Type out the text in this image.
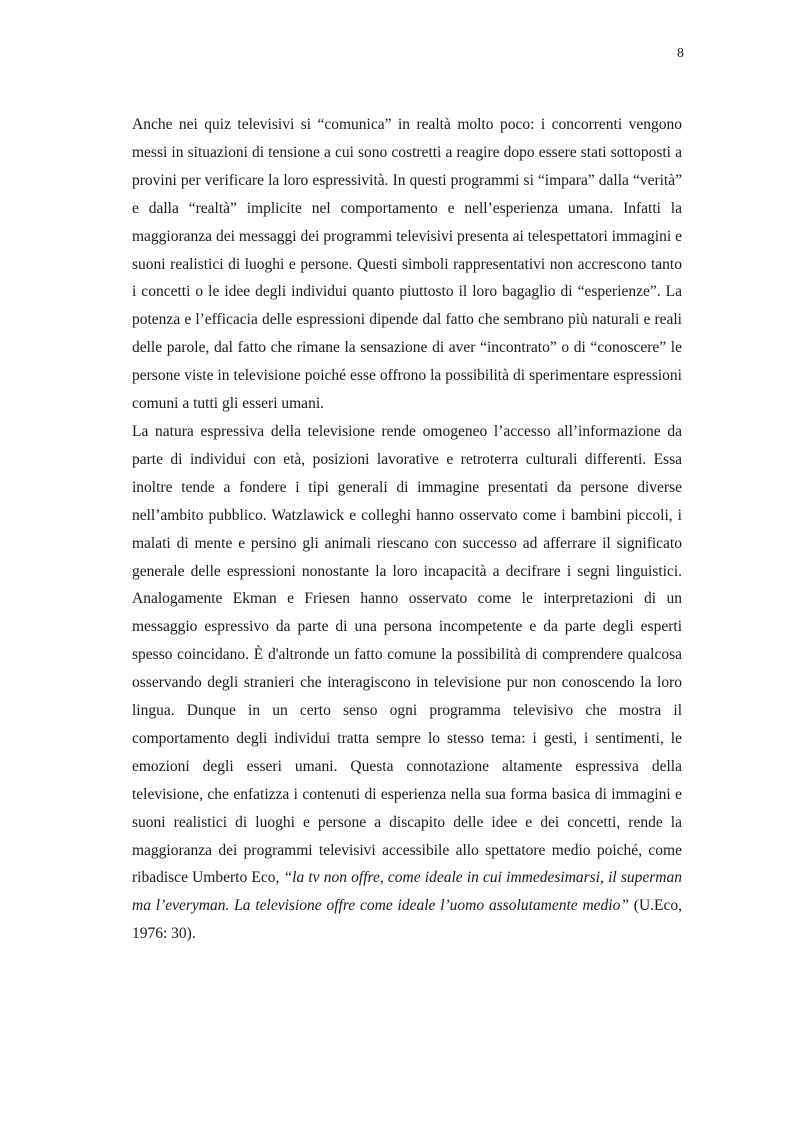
8

Anche nei quiz televisivi si “comunica” in realtà molto poco: i concorrenti vengono messi in situazioni di tensione a cui sono costretti a reagire dopo essere stati sottoposti a provini per verificare la loro espressività. In questi programmi si “impara” dalla “verità” e dalla “realtà” implicite nel comportamento e nell’esperienza umana. Infatti la maggioranza dei messaggi dei programmi televisivi presenta ai telespettatori immagini e suoni realistici di luoghi e persone. Questi simboli rappresentativi non accrescono tanto i concetti o le idee degli individui quanto piuttosto il loro bagaglio di “esperienze”. La potenza e l’efficacia delle espressioni dipende dal fatto che sembrano più naturali e reali delle parole, dal fatto che rimane la sensazione di aver “incontrato” o di “conoscere” le persone viste in televisione poiché esse offrono la possibilità di sperimentare espressioni comuni a tutti gli esseri umani.

La natura espressiva della televisione rende omogeneo l’accesso all’informazione da parte di individui con età, posizioni lavorative e retroterra culturali differenti. Essa inoltre tende a fondere i tipi generali di immagine presentati da persone diverse nell’ambito pubblico. Watzlawick e colleghi hanno osservato come i bambini piccoli, i malati di mente e persino gli animali riescano con successo ad afferrare il significato generale delle espressioni nonostante la loro incapacità a decifrare i segni linguistici. Analogamente Ekman e Friesen hanno osservato come le interpretazioni di un messaggio espressivo da parte di una persona incompetente e da parte degli esperti spesso coincidano. È d'altronde un fatto comune la possibilità di comprendere qualcosa osservando degli stranieri che interagiscono in televisione pur non conoscendo la loro lingua. Dunque in un certo senso ogni programma televisivo che mostra il comportamento degli individui tratta sempre lo stesso tema: i gesti, i sentimenti, le emozioni degli esseri umani. Questa connotazione altamente espressiva della televisione, che enfatizza i contenuti di esperienza nella sua forma basica di immagini e suoni realistici di luoghi e persone a discapito delle idee e dei concetti, rende la maggioranza dei programmi televisivi accessibile allo spettatore medio poiché, come ribadisce Umberto Eco, “la tv non offre, come ideale in cui immedesimarsi, il superman ma l’everyman. La televisione offre come ideale l’uomo assolutamente medio” (U.Eco, 1976: 30).
